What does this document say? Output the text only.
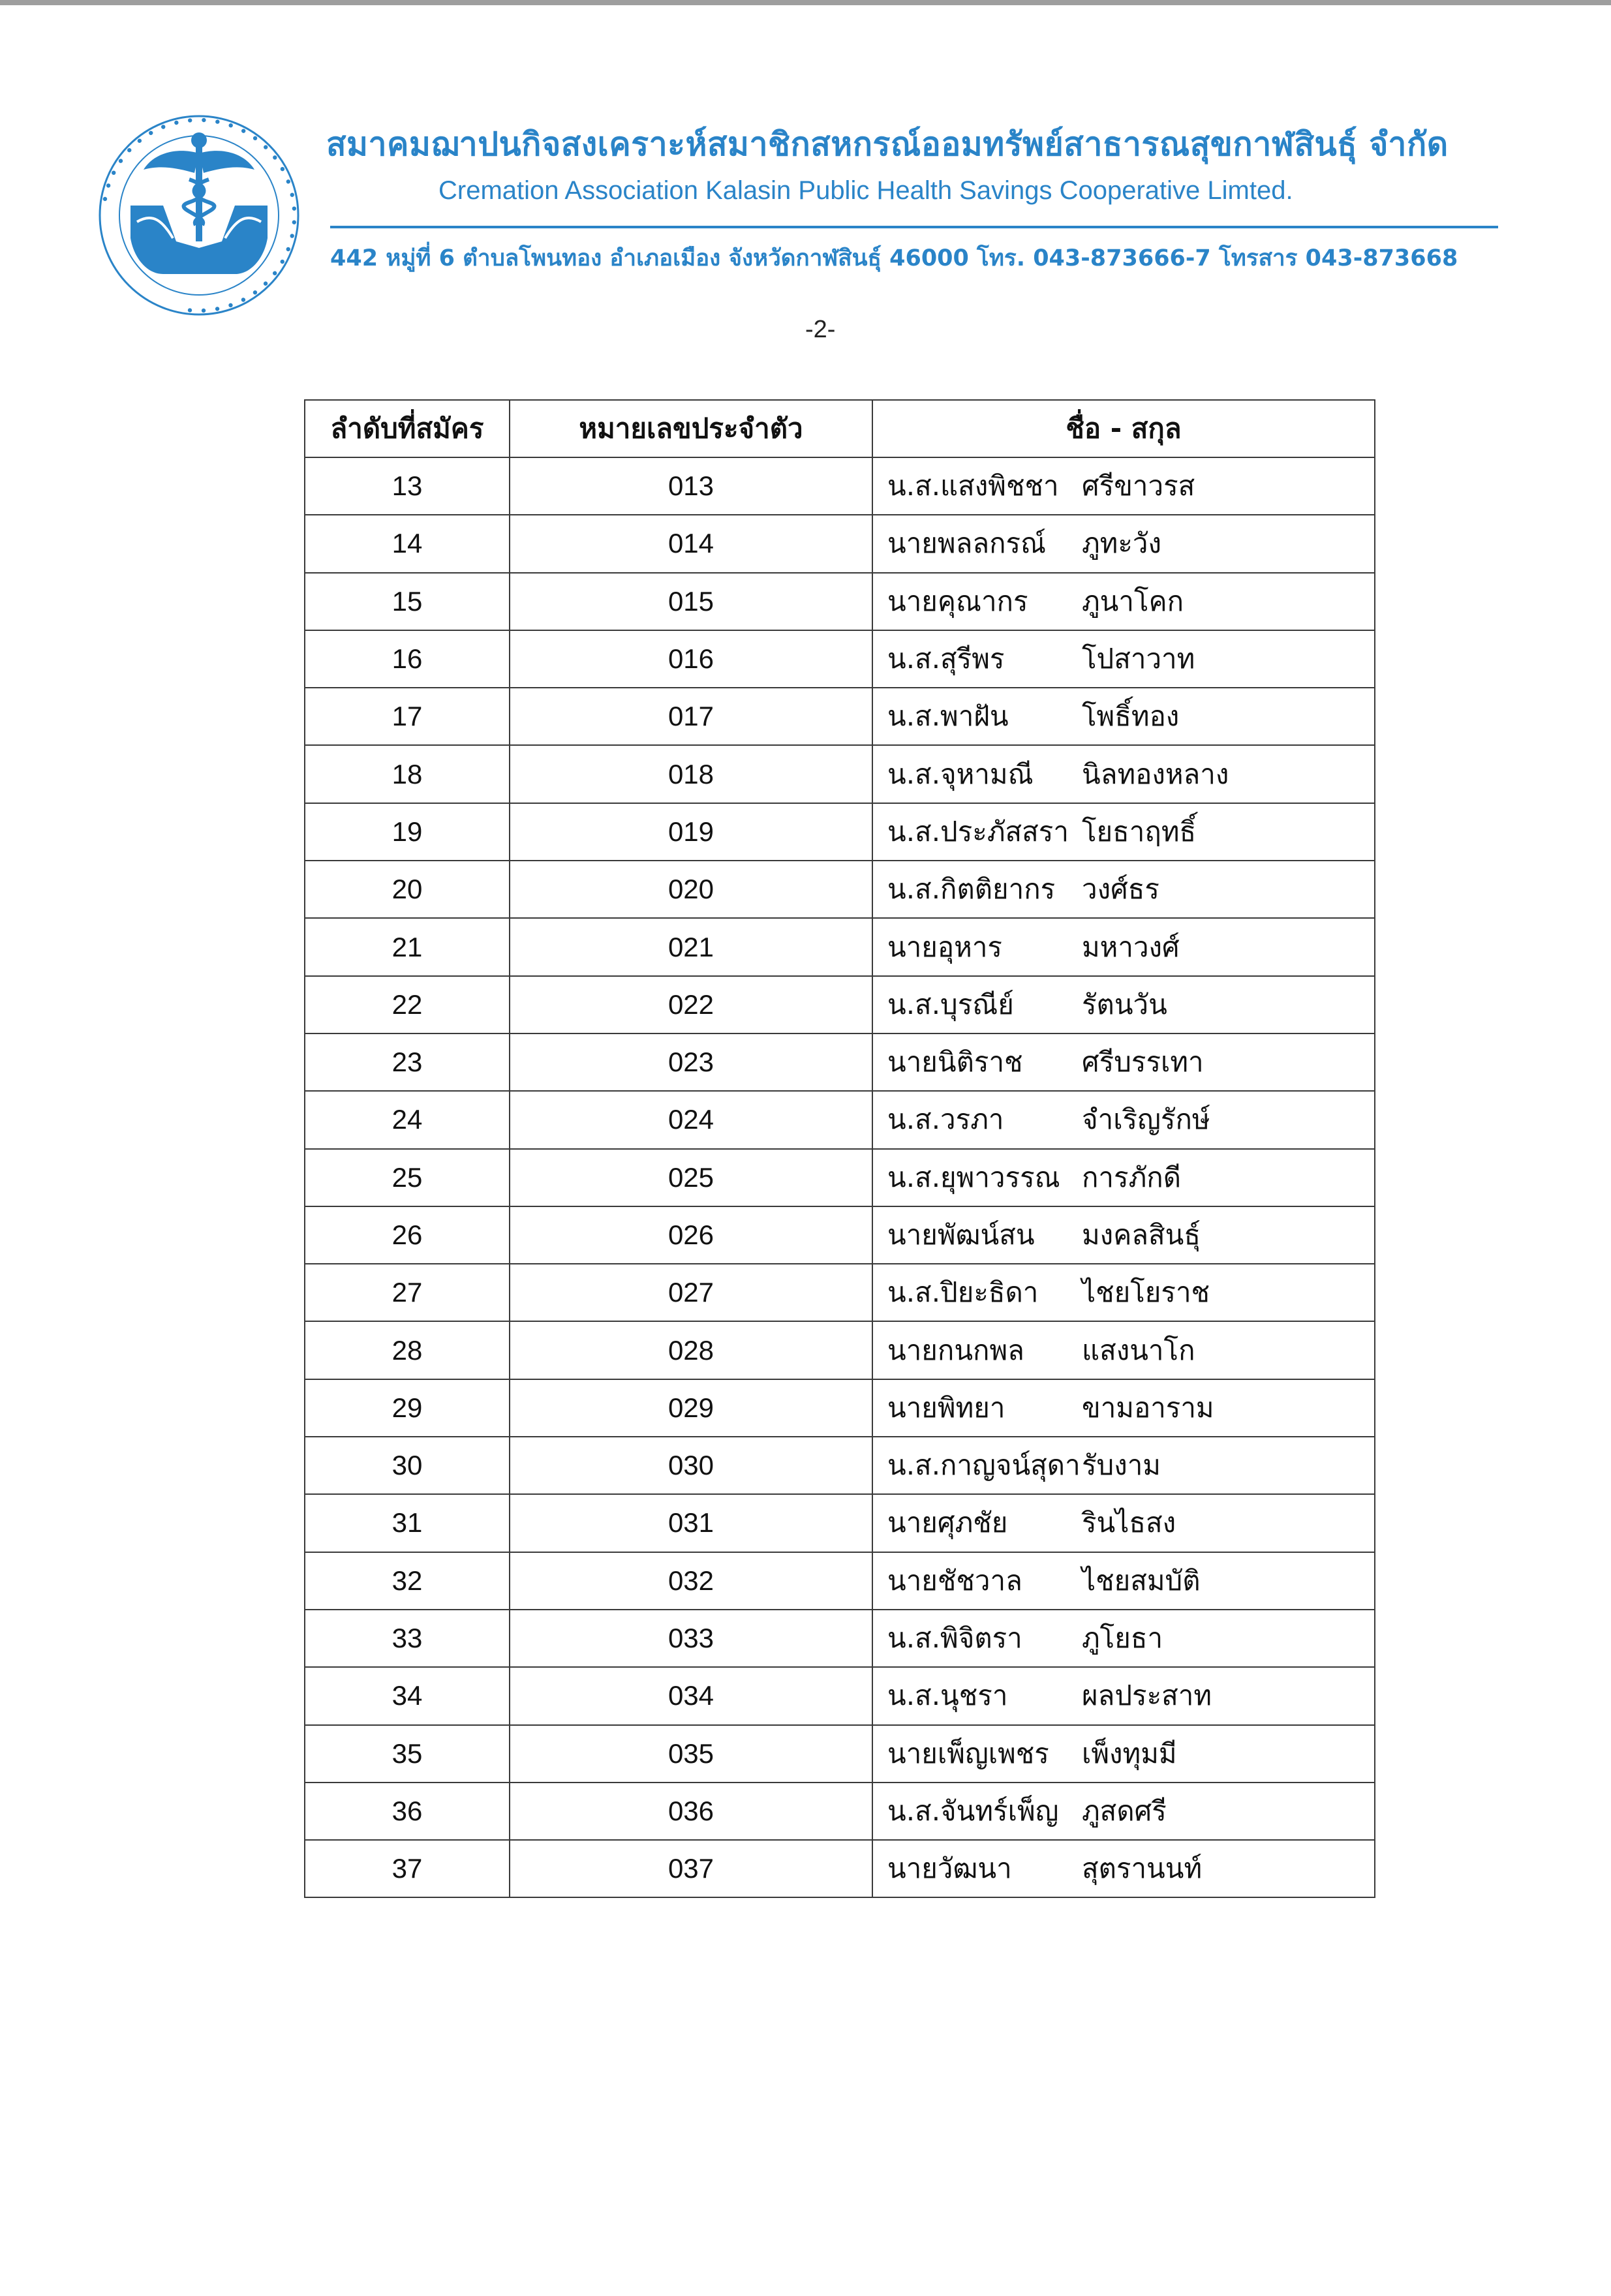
• • • • • • • • • • • • • • • • • • • • • • • • • • • • • • • • •
สมาคมฌาปนกิจสงเคราะห์สมาชิกสหกรณ์ออมทรัพย์สาธารณสุขกาฬสินธุ์ จำกัด
Cremation Association Kalasin Public Health Savings Cooperative Limted.
442 หมู่ที่ 6 ตำบลโพนทอง อำเภอเมือง จังหวัดกาฬสินธุ์ 46000 โทร. 043-873666-7 โทรสาร 043-873668
-2-
ลำดับที่สมัคร	หมายเลขประจำตัว	ชื่อ - สกุล
13	013	น.ส.แสงพิชชา ศรีขาวรส
14	014	นายพลลกรณ์ ภูทะวัง
15	015	นายคุณากร ภูนาโคก
16	016	น.ส.สุรีพร โปสาวาท
17	017	น.ส.พาฝัน โพธิ์ทอง
18	018	น.ส.จุหามณี นิลทองหลาง
19	019	น.ส.ประภัสสรา โยธาฤทธิ์
20	020	น.ส.กิตติยากร วงศ์ธร
21	021	นายอุหาร มหาวงศ์
22	022	น.ส.บุรณีย์ รัตนวัน
23	023	นายนิติราช ศรีบรรเทา
24	024	น.ส.วรภา จำเริญรักษ์
25	025	น.ส.ยุพาวรรณ การภักดี
26	026	นายพัฒน์สน มงคลสินธุ์
27	027	น.ส.ปิยะธิดา ไชยโยราช
28	028	นายกนกพล แสงนาโก
29	029	นายพิทยา ขามอาราม
30	030	น.ส.กาญจน์สุดารับงาม
31	031	นายศุภชัย รินไธสง
32	032	นายชัชวาล ไชยสมบัติ
33	033	น.ส.พิจิตรา ภูโยธา
34	034	น.ส.นุชรา ผลประสาท
35	035	นายเพ็ญเพชร เพ็งทุมมี
36	036	น.ส.จันทร์เพ็ญ ภูสดศรี
37	037	นายวัฒนา สุตรานนท์
